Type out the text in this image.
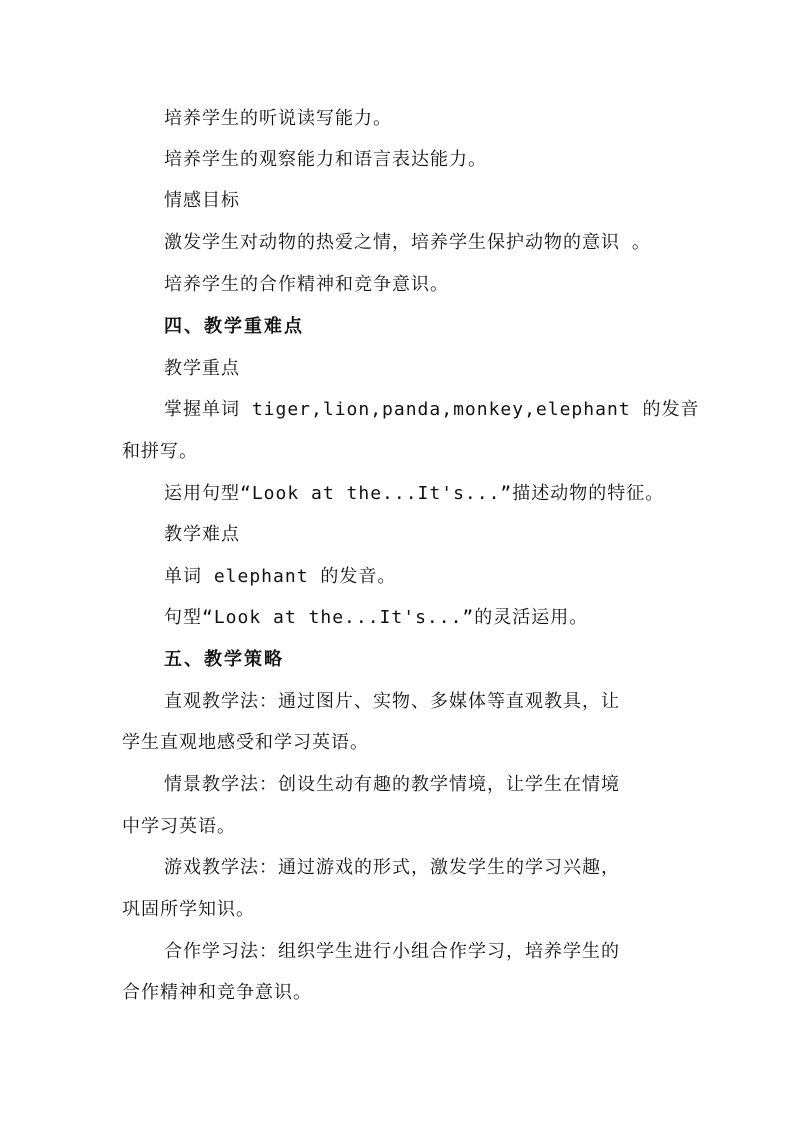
培养学生的听说读写能力。
培养学生的观察能力和语言表达能力。
情感目标
激发学生对动物的热爱之情，培养学生保护动物的意识 。
培养学生的合作精神和竞争意识。
四、教学重难点
教学重点
掌握单词 tiger,lion,panda,monkey,elephant 的发音
和拼写。
运用句型“Look at the...It's...”描述动物的特征。
教学难点
单词 elephant 的发音。
句型“Look at the...It's...”的灵活运用。
五、教学策略
直观教学法：通过图片、实物、多媒体等直观教具，让
学生直观地感受和学习英语。
情景教学法：创设生动有趣的教学情境，让学生在情境
中学习英语。
游戏教学法：通过游戏的形式，激发学生的学习兴趣，
巩固所学知识。
合作学习法：组织学生进行小组合作学习，培养学生的
合作精神和竞争意识。
